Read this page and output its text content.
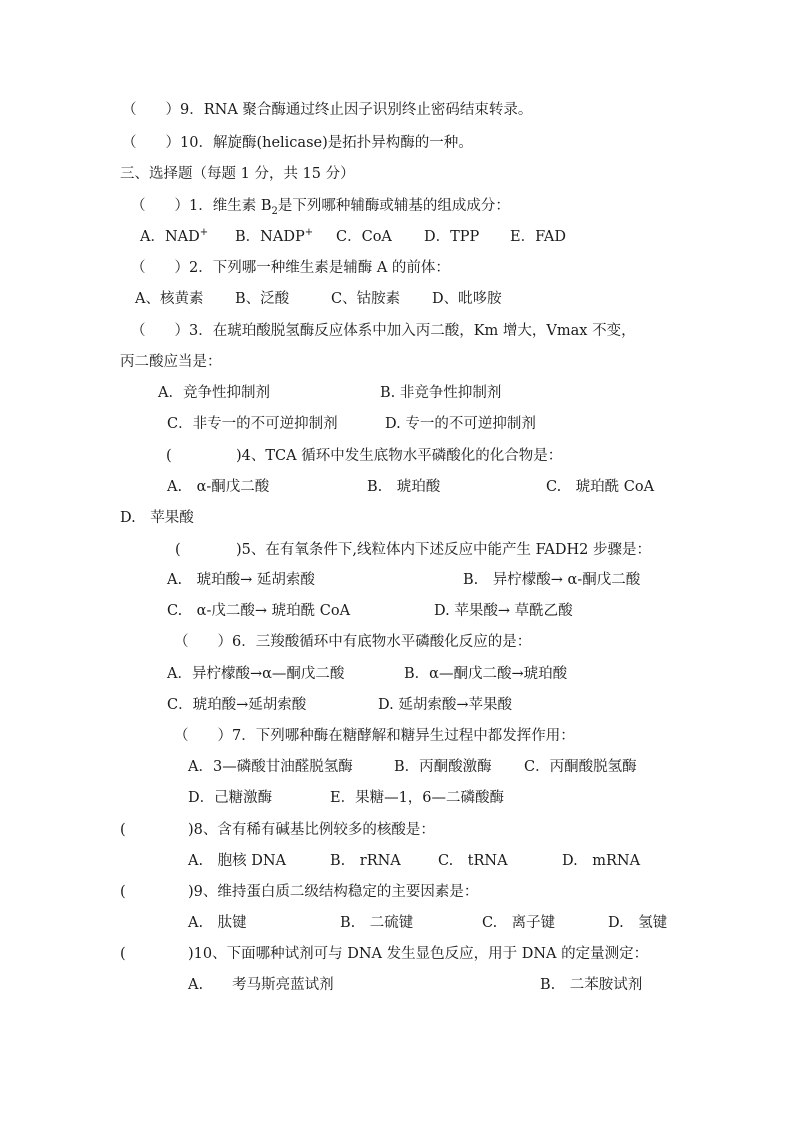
（　　）9．RNA 聚合酶通过终止因子识别终止密码结束转录。
（　　）10．解旋酶(helicase)是拓扑异构酶的一种。
三、选择题（每题 1 分，共 15 分）
（　　）1．维生素 $B_2$是下列哪种辅酶或辅基的组成成分：
A．NAD+ B．NADP+ C．CoA D．TPP E．FAD
（　　）2．下列哪一种维生素是辅酶 A 的前体：
A、核黄素 B、泛酸	C、钴胺素 D、吡哆胺
（　　）3．在琥珀酸脱氢酶反应体系中加入丙二酸，Km 增大，Vmax 不变，
丙二酸应当是：
A．竞争性抑制剂	B. 非竞争性抑制剂
C．非专一的不可逆抑制剂	D. 专一的不可逆抑制剂
(	)4、TCA 循环中发生底物水平磷酸化的化合物是：
A.　α-酮戊二酸	B.　琥珀酸	C.　琥珀酰 CoA
D.　苹果酸
(	)5、在有氧条件下,线粒体内下述反应中能产生 FADH2 步骤是：
A.　琥珀酸→ 延胡索酸	B.　异柠檬酸→ α-酮戊二酸
C.　α-戊二酸→ 琥珀酰 CoA	D. 苹果酸→ 草酰乙酸
（　　）6．三羧酸循环中有底物水平磷酸化反应的是：
A．异柠檬酸→α—酮戊二酸	B．α—酮戊二酸→琥珀酸
C．琥珀酸→延胡索酸	D. 延胡索酸→苹果酸
（　　）7．下列哪种酶在糖酵解和糖异生过程中都发挥作用：
A．3—磷酸甘油醛脱氢酶	B．丙酮酸激酶 C．丙酮酸脱氢酶
D．己糖激酶	E．果糖—1，6—二磷酸酶
(	)8、含有稀有碱基比例较多的核酸是：
A.　胞核 DNA	B.　rRNA	C.　tRNA	D.　mRNA
(	)9、维持蛋白质二级结构稳定的主要因素是：
A.　肽键	B.　二硫键	C.　离子键	D.　氢键
(	)10、下面哪种试剂可与 DNA 发生显色反应，用于 DNA 的定量测定：
A.　　考马斯亮蓝试剂	B.　二苯胺试剂
